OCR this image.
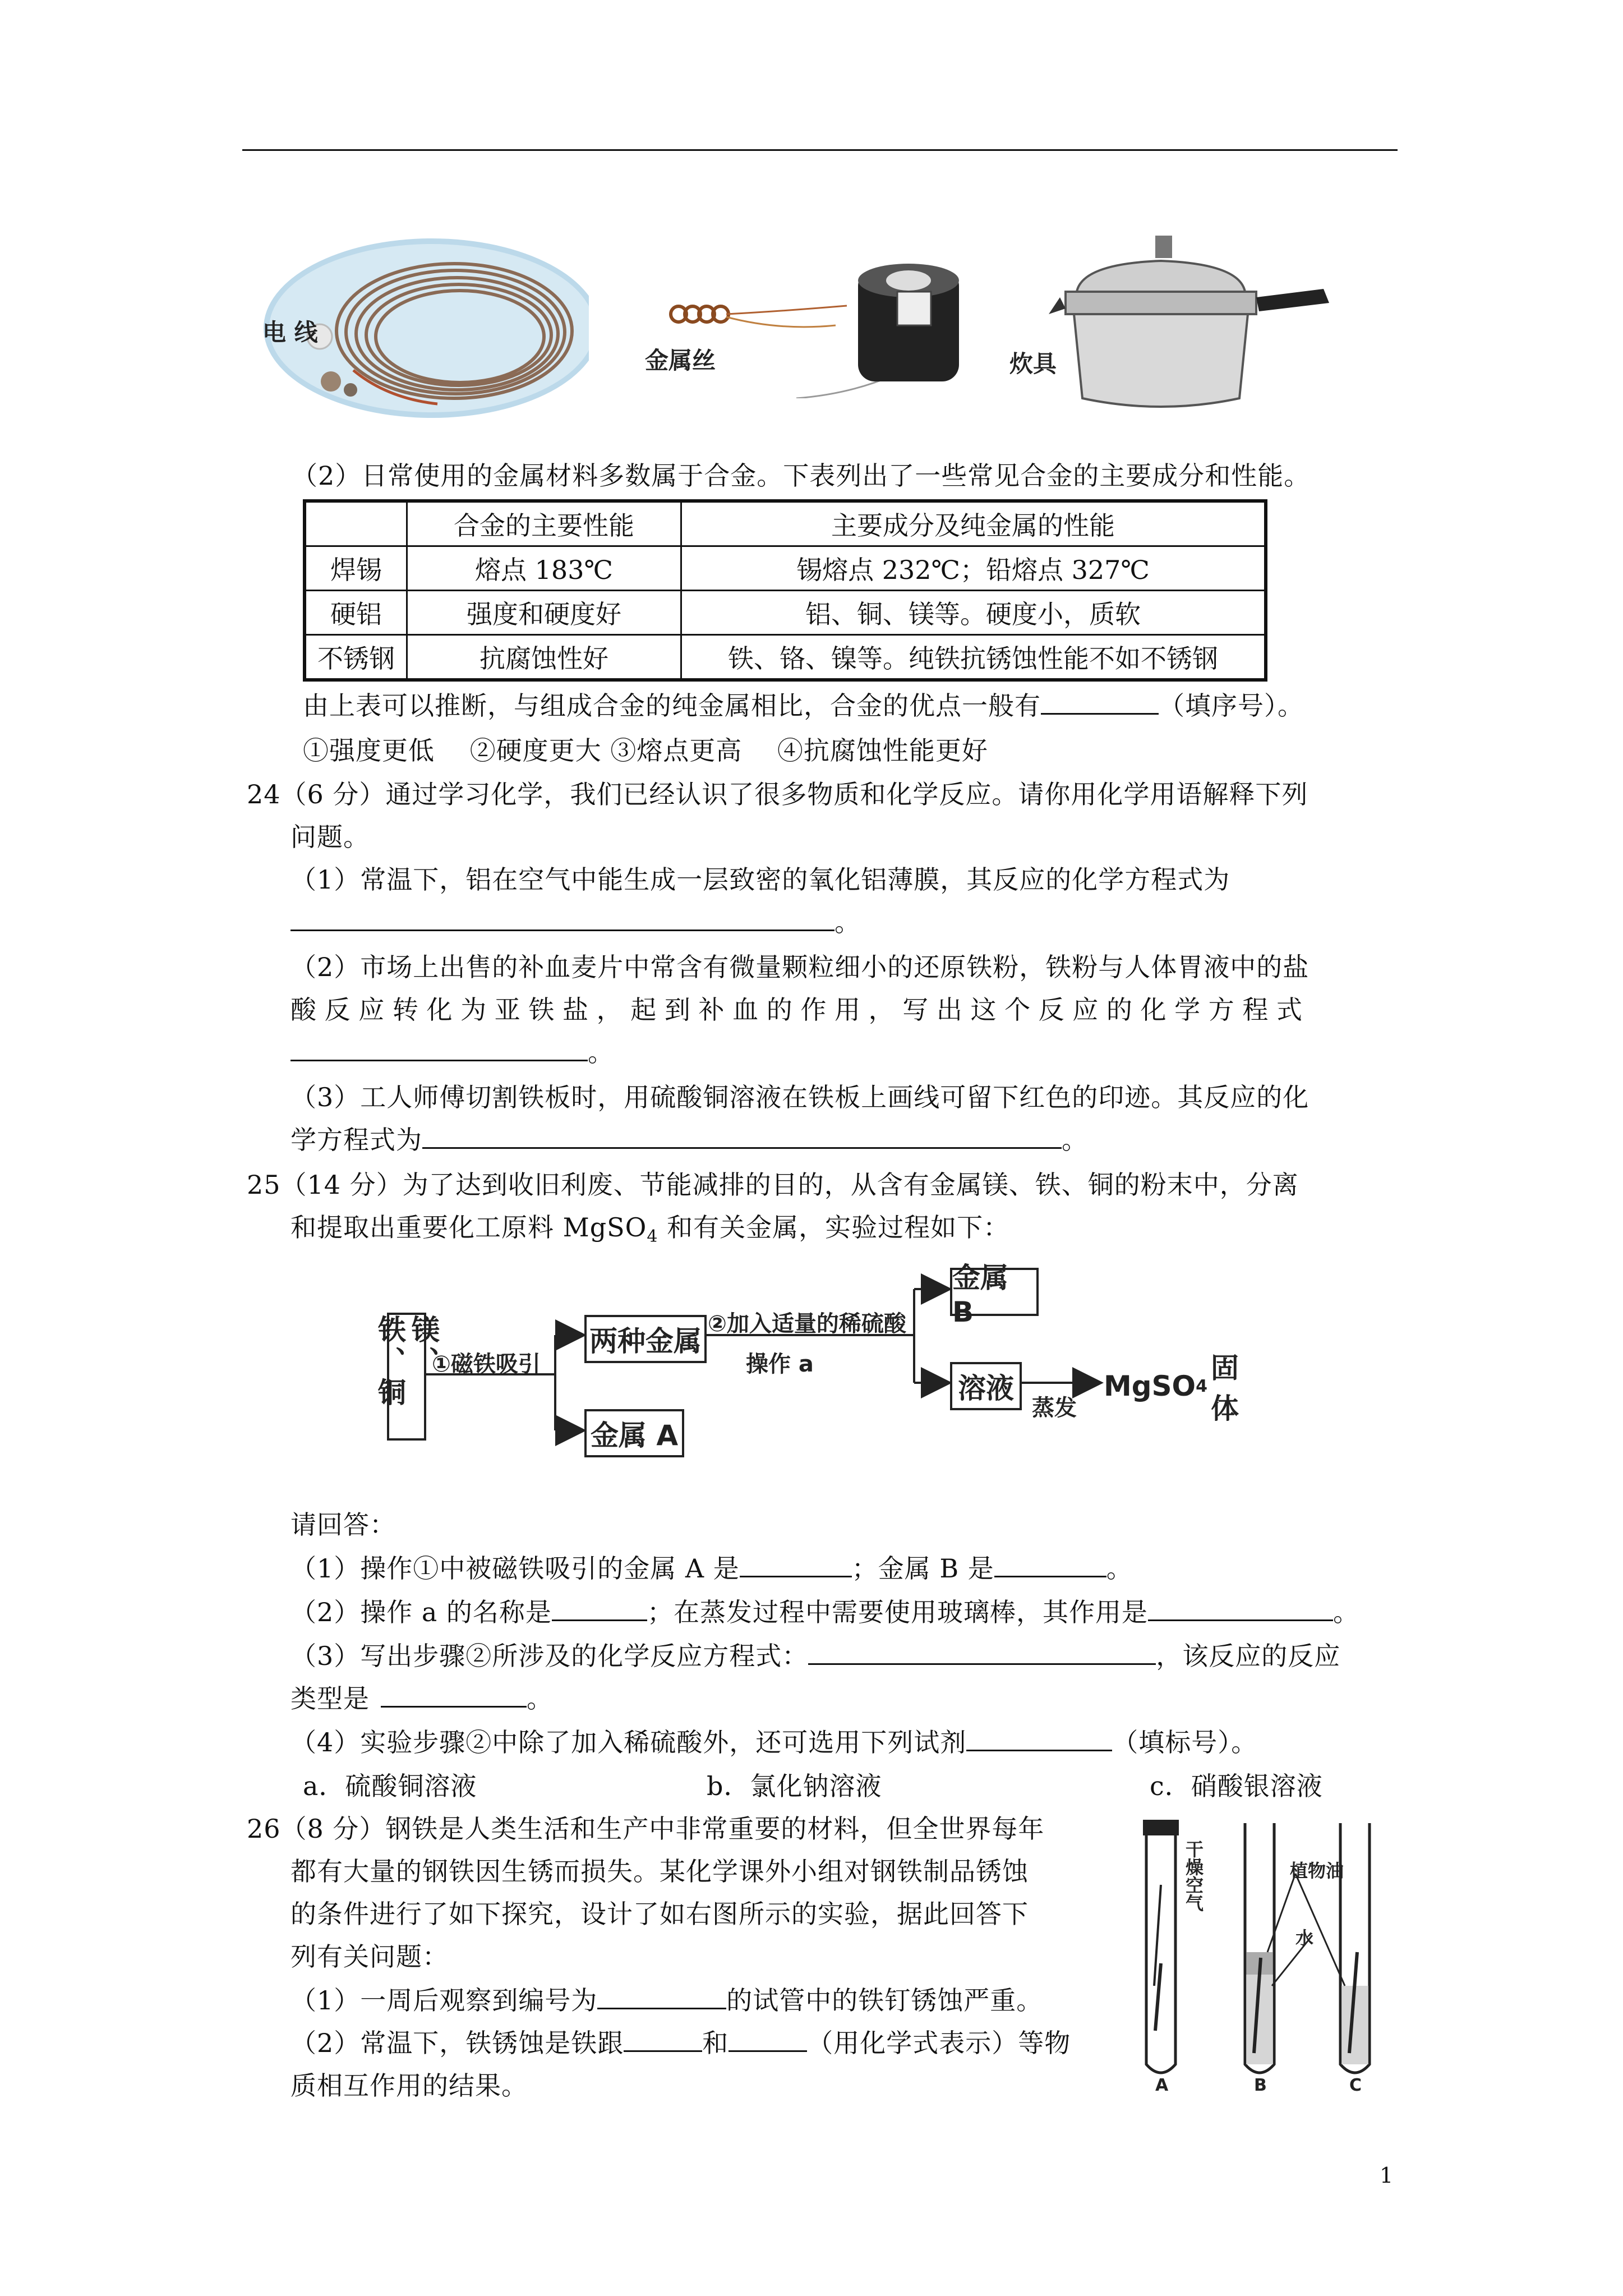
电 线
金属丝	炊具
（2）日常使用的金属材料多数属于合金。下表列出了一些常见合金的主要成分和性能。
	合金的主要性能	主要成分及纯金属的性能
焊锡	熔点 183℃	锡熔点 232℃；铅熔点 327℃
硬铝	强度和硬度好	铝、铜、镁等。硬度小，质软
不锈钢	抗腐蚀性好	铁、铬、镍等。纯铁抗锈蚀性能不如不锈钢
由上表可以推断，与组成合金的纯金属相比，合金的优点一般有	（填序号）。
①强度更低　 ②硬度更大 ③熔点更高　 ④抗腐蚀性能更好
24（6 分）通过学习化学，我们已经认识了很多物质和化学反应。请你用化学用语解释下列
问题。
（1）常温下，铝在空气中能生成一层致密的氧化铝薄膜，其反应的化学方程式为
。
（2）市场上出售的补血麦片中常含有微量颗粒细小的还原铁粉，铁粉与人体胃液中的盐
酸 反 应 转 化 为 亚 铁 盐 ， 起 到 补 血 的 作 用 ， 写 出 这 个 反 应 的 化 学 方 程 式
。
（3）工人师傅切割铁板时，用硫酸铜溶液在铁板上画线可留下红色的印迹。其反应的化
学方程式为	。
25（14 分）为了达到收旧利废、节能减排的目的，从含有金属镁、铁、铜的粉末中，分离
和提取出重要化工原料 MgSO$_4$ 和有关金属，实验过程如下：
镁、铁、铜	①磁铁吸引
两种金属
金属 A
②加入适量的稀硫酸
操作 a
金属 B
溶液
蒸发
MgSO 4
固体
请回答：
（1）操作①中被磁铁吸引的金属 A 是	；金属 B 是	。
（2）操作 a 的名称是	；在蒸发过程中需要使用玻璃棒，其作用是	。
（3）写出步骤②所涉及的化学反应方程式：	，该反应的反应
类型是	。
（4）实验步骤②中除了加入稀硫酸外，还可选用下列试剂	（填标号）。
a．硫酸铜溶液	b．氯化钠溶液	c．硝酸银溶液
26（8 分）钢铁是人类生活和生产中非常重要的材料，但全世界每年
都有大量的钢铁因生锈而损失。某化学课外小组对钢铁制品锈蚀
的条件进行了如下探究，设计了如右图所示的实验，据此回答下
列有关问题：
（1）一周后观察到编号为	的试管中的铁钉锈蚀严重。
（2）常温下，铁锈蚀是铁跟	和	（用化学式表示）等物
质相互作用的结果。
干燥空气	植物油
水
A	B	C
1
